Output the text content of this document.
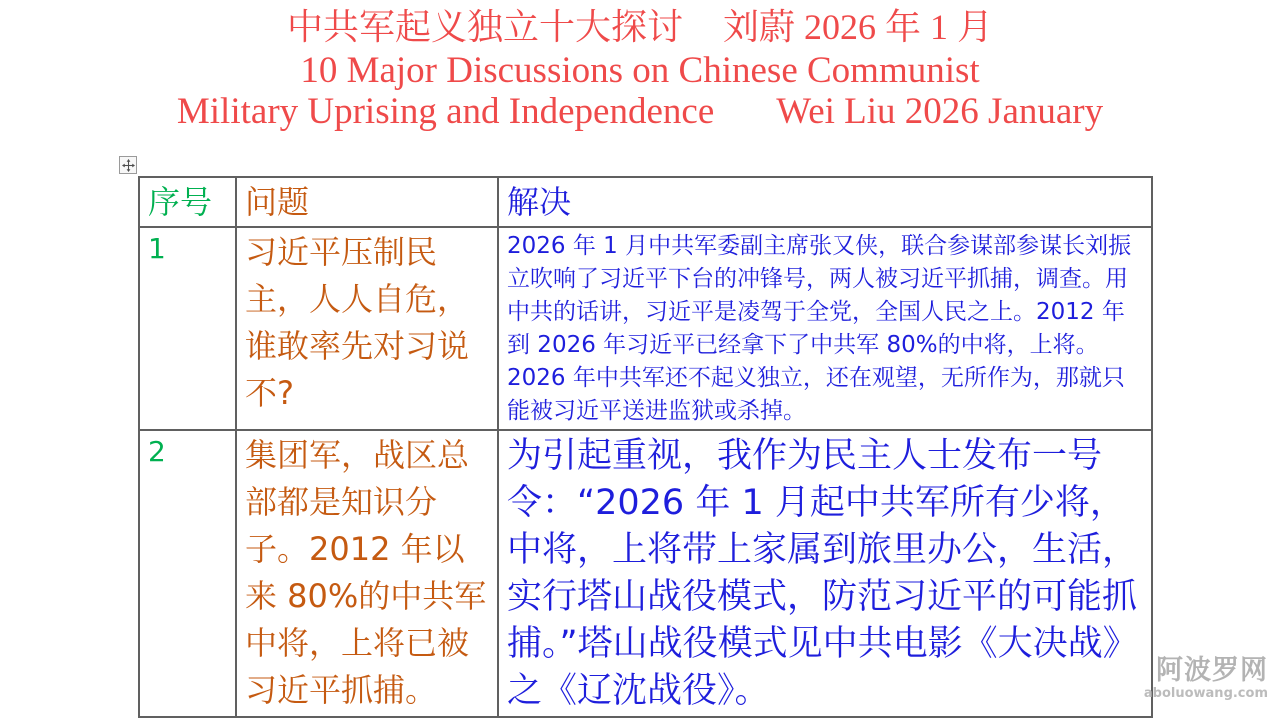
中共军起义独立十大探讨 刘蔚 2026 年 1 月
10 Major Discussions on Chinese Communist
Military Uprising and Independence Wei Liu 2026 January
序号	问题	解决
1	习近平压制民主，人人自危，谁敢率先对习说不?	2026 年 1 月中共军委副主席张又侠，联合参谋部参谋长刘振立吹响了习近平下台的冲锋号，两人被习近平抓捕，调查。用中共的话讲，习近平是凌驾于全党，全国人民之上。2012 年到 2026 年习近平已经拿下了中共军 80%的中将，上将。2026 年中共军还不起义独立，还在观望，无所作为，那就只能被习近平送进监狱或杀掉。
2	集团军，战区总部都是知识分子。2012 年以来 80%的中共军中将，上将已被习近平抓捕。	为引起重视，我作为民主人士发布一号令：“2026 年 1 月起中共军所有少将，中将，上将带上家属到旅里办公，生活，实行塔山战役模式，防范习近平的可能抓捕。”塔山战役模式见中共电影《大决战》之《辽沈战役》。
阿波罗网
aboluowang.com
